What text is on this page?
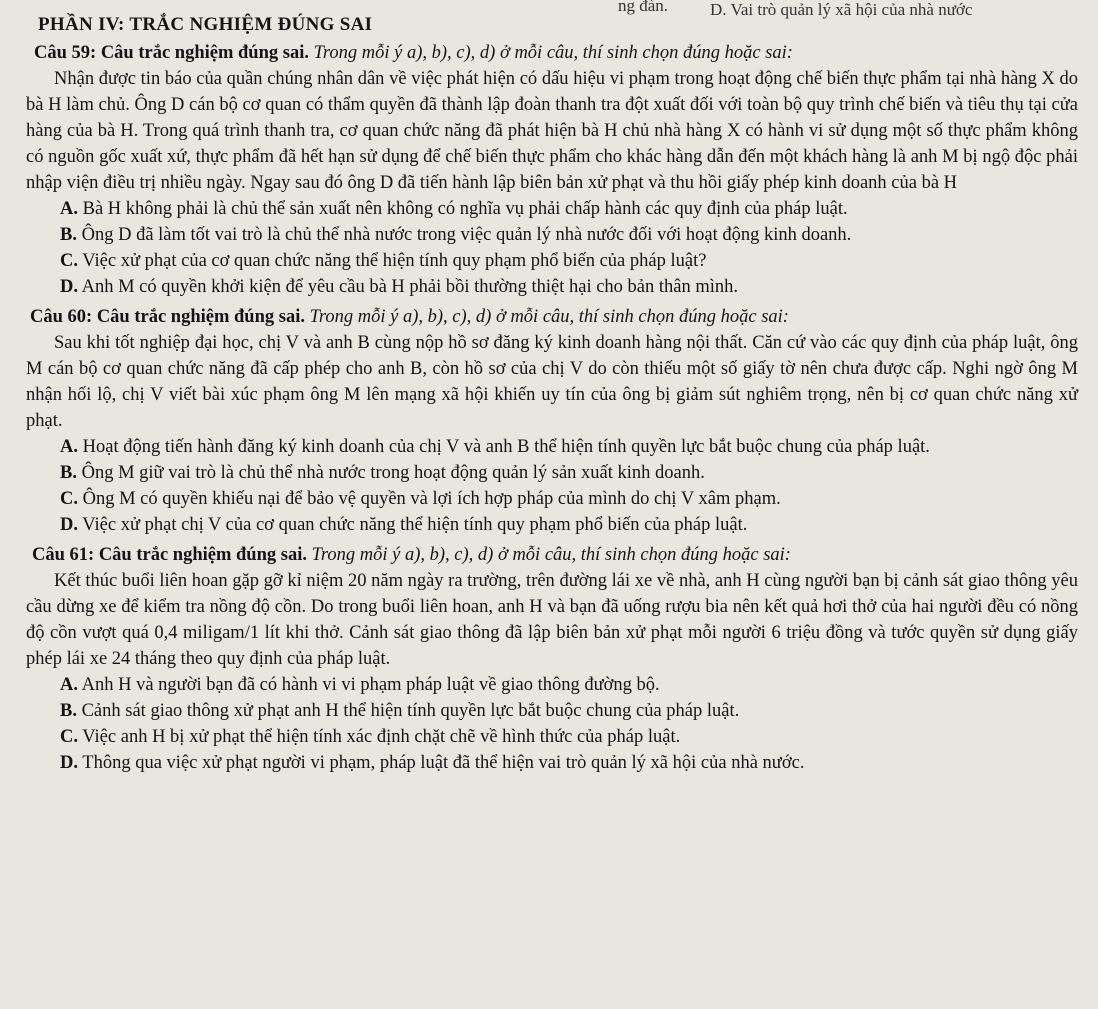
ng đàn. D. Vai trò quản lý xã hội của nhà nước
PHẦN IV: TRẮC NGHIỆM ĐÚNG SAI

Câu 59: Câu trắc nghiệm đúng sai. Trong mỗi ý a), b), c), d) ở mỗi câu, thí sinh chọn đúng hoặc sai:

Nhận được tin báo của quần chúng nhân dân về việc phát hiện có dấu hiệu vi phạm trong hoạt động chế biến thực phẩm tại nhà hàng X do bà H làm chủ. Ông D cán bộ cơ quan có thẩm quyền đã thành lập đoàn thanh tra đột xuất đối với toàn bộ quy trình chế biến và tiêu thụ tại cửa hàng của bà H. Trong quá trình thanh tra, cơ quan chức năng đã phát hiện bà H chủ nhà hàng X có hành vi sử dụng một số thực phẩm không có nguồn gốc xuất xứ, thực phẩm đã hết hạn sử dụng để chế biến thực phẩm cho khác hàng dẫn đến một khách hàng là anh M bị ngộ độc phải nhập viện điều trị nhiều ngày. Ngay sau đó ông D đã tiến hành lập biên bản xử phạt và thu hồi giấy phép kinh doanh của bà H

A. Bà H không phải là chủ thể sản xuất nên không có nghĩa vụ phải chấp hành các quy định của pháp luật.

B. Ông D đã làm tốt vai trò là chủ thể nhà nước trong việc quản lý nhà nước đối với hoạt động kinh doanh.

C. Việc xử phạt của cơ quan chức năng thể hiện tính quy phạm phổ biến của pháp luật?

D. Anh M có quyền khởi kiện để yêu cầu bà H phải bồi thường thiệt hại cho bản thân mình.

Câu 60: Câu trắc nghiệm đúng sai. Trong mỗi ý a), b), c), d) ở mỗi câu, thí sinh chọn đúng hoặc sai:

Sau khi tốt nghiệp đại học, chị V và anh B cùng nộp hồ sơ đăng ký kinh doanh hàng nội thất. Căn cứ vào các quy định của pháp luật, ông M cán bộ cơ quan chức năng đã cấp phép cho anh B, còn hồ sơ của chị V do còn thiếu một số giấy tờ nên chưa được cấp. Nghi ngờ ông M nhận hối lộ, chị V viết bài xúc phạm ông M lên mạng xã hội khiến uy tín của ông bị giảm sút nghiêm trọng, nên bị cơ quan chức năng xử phạt.

A. Hoạt động tiến hành đăng ký kinh doanh của chị V và anh B thể hiện tính quyền lực bắt buộc chung của pháp luật.

B. Ông M giữ vai trò là chủ thể nhà nước trong hoạt động quản lý sản xuất kinh doanh.

C. Ông M có quyền khiếu nại để bảo vệ quyền và lợi ích hợp pháp của mình do chị V xâm phạm.

D. Việc xử phạt chị V của cơ quan chức năng thể hiện tính quy phạm phổ biến của pháp luật.

Câu 61: Câu trắc nghiệm đúng sai. Trong mỗi ý a), b), c), d) ở mỗi câu, thí sinh chọn đúng hoặc sai:

Kết thúc buổi liên hoan gặp gỡ kỉ niệm 20 năm ngày ra trường, trên đường lái xe về nhà, anh H cùng người bạn bị cảnh sát giao thông yêu cầu dừng xe để kiểm tra nồng độ cồn. Do trong buổi liên hoan, anh H và bạn đã uống rượu bia nên kết quả hơi thở của hai người đều có nồng độ cồn vượt quá 0,4 miligam/1 lít khi thở. Cảnh sát giao thông đã lập biên bản xử phạt mỗi người 6 triệu đồng và tước quyền sử dụng giấy phép lái xe 24 tháng theo quy định của pháp luật.

A. Anh H và người bạn đã có hành vi vi phạm pháp luật về giao thông đường bộ.

B. Cảnh sát giao thông xử phạt anh H thể hiện tính quyền lực bắt buộc chung của pháp luật.

C. Việc anh H bị xử phạt thể hiện tính xác định chặt chẽ về hình thức của pháp luật.

D. Thông qua việc xử phạt người vi phạm, pháp luật đã thể hiện vai trò quản lý xã hội của nhà nước.
